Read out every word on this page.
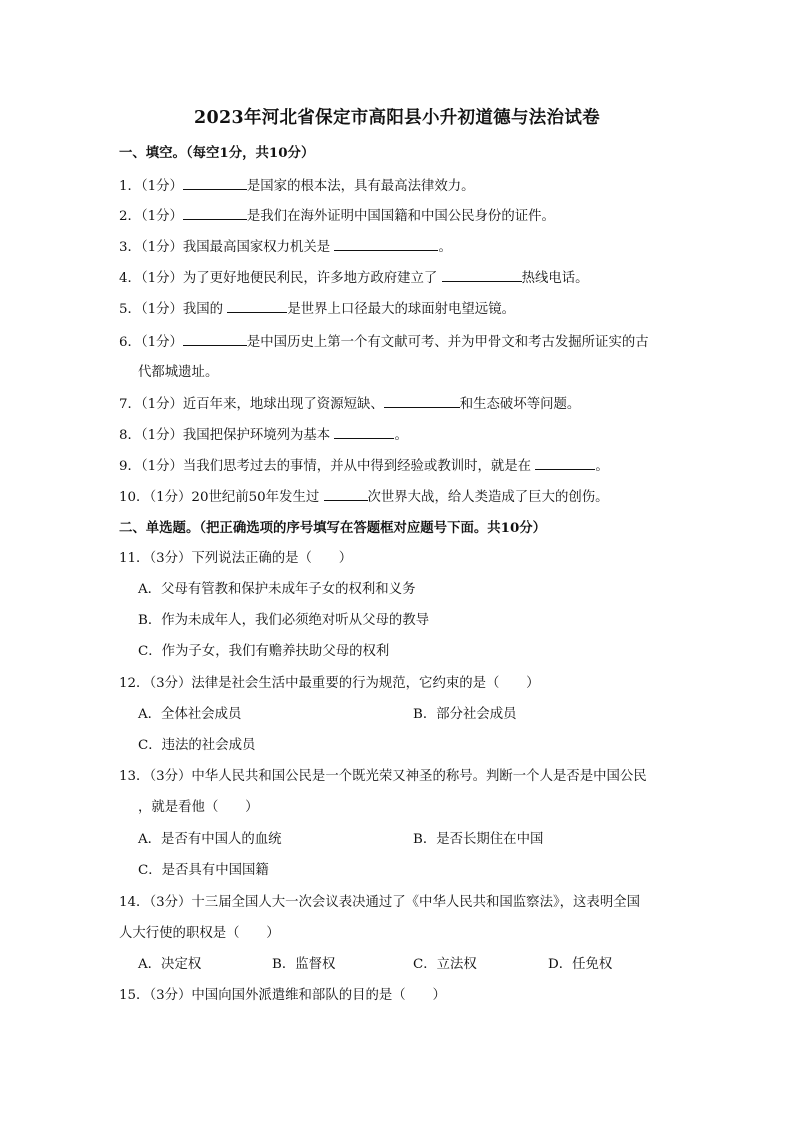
2023年河北省保定市高阳县小升初道德与法治试卷
一、填空。（每空1分，共10分）
1．（1分）	是国家的根本法，具有最高法律效力。
2．（1分）	是我们在海外证明中国国籍和中国公民身份的证件。
3．（1分）我国最高国家权力机关是	。
4．（1分）为了更好地便民利民，许多地方政府建立了	热线电话。
5．（1分）我国的	是世界上口径最大的球面射电望远镜。
6．（1分）	是中国历史上第一个有文献可考、并为甲骨文和考古发掘所证实的古
代都城遗址。
7．（1分）近百年来，地球出现了资源短缺、	和生态破坏等问题。
8．（1分）我国把保护环境列为基本	。
9．（1分）当我们思考过去的事情，并从中得到经验或教训时，就是在	。
10．（1分）20世纪前50年发生过	次世界大战，给人类造成了巨大的创伤。
二、单选题。（把正确选项的序号填写在答题框对应题号下面。共10分）
11．（3分）下列说法正确的是（　　）
A．父母有管教和保护未成年子女的权利和义务
B．作为未成年人，我们必须绝对听从父母的教导
C．作为子女，我们有赡养扶助父母的权利
12．（3分）法律是社会生活中最重要的行为规范，它约束的是（　　）
A．全体社会成员	B．部分社会成员
C．违法的社会成员
13．（3分）中华人民共和国公民是一个既光荣又神圣的称号。判断一个人是否是中国公民
，就是看他（　　）
A．是否有中国人的血统	B．是否长期住在中国
C．是否具有中国国籍
14．（3分）十三届全国人大一次会议表决通过了《中华人民共和国监察法》，这表明全国
人大行使的职权是（　　）
A．决定权	B．监督权	C．立法权	D．任免权
15．（3分）中国向国外派遣维和部队的目的是（　　）
